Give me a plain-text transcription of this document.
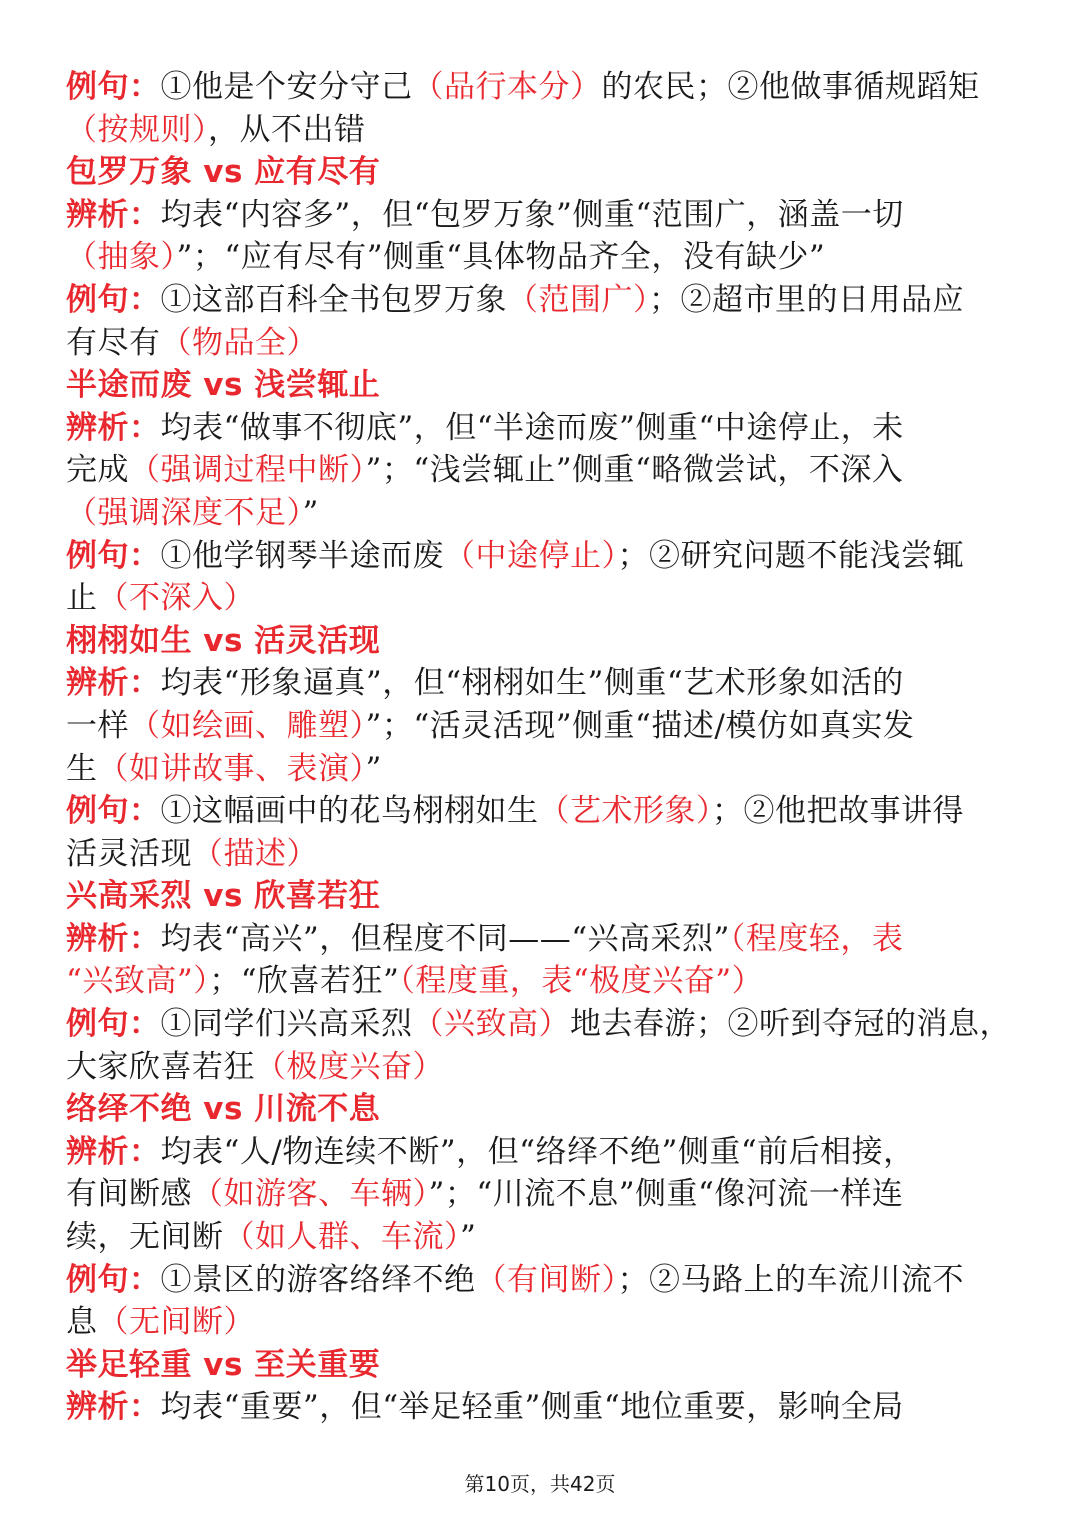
例句：①他是个安分守己（品行本分）的农民；②他做事循规蹈矩
（按规则），从不出错
包罗万象 vs 应有尽有
辨析：均表“内容多”，但“包罗万象”侧重“范围广，涵盖一切
（抽象）”；“应有尽有”侧重“具体物品齐全，没有缺少”
例句：①这部百科全书包罗万象（范围广）；②超市里的日用品应
有尽有（物品全）
半途而废 vs 浅尝辄止
辨析：均表“做事不彻底”，但“半途而废”侧重“中途停止，未
完成（强调过程中断）”；“浅尝辄止”侧重“略微尝试，不深入
（强调深度不足）”
例句：①他学钢琴半途而废（中途停止）；②研究问题不能浅尝辄
止（不深入）
栩栩如生 vs 活灵活现
辨析：均表“形象逼真”，但“栩栩如生”侧重“艺术形象如活的
一样（如绘画、雕塑）”；“活灵活现”侧重“描述/模仿如真实发
生（如讲故事、表演）”
例句：①这幅画中的花鸟栩栩如生（艺术形象）；②他把故事讲得
活灵活现（描述）
兴高采烈 vs 欣喜若狂
辨析：均表“高兴”，但程度不同——“兴高采烈”（程度轻，表
“兴致高”）；“欣喜若狂”（程度重，表“极度兴奋”）
例句：①同学们兴高采烈（兴致高）地去春游；②听到夺冠的消息，
大家欣喜若狂（极度兴奋）
络绎不绝 vs 川流不息
辨析：均表“人/物连续不断”，但“络绎不绝”侧重“前后相接，
有间断感（如游客、车辆）”；“川流不息”侧重“像河流一样连
续，无间断（如人群、车流）”
例句：①景区的游客络绎不绝（有间断）；②马路上的车流川流不
息（无间断）
举足轻重 vs 至关重要
辨析：均表“重要”，但“举足轻重”侧重“地位重要，影响全局
第10页，共42页
